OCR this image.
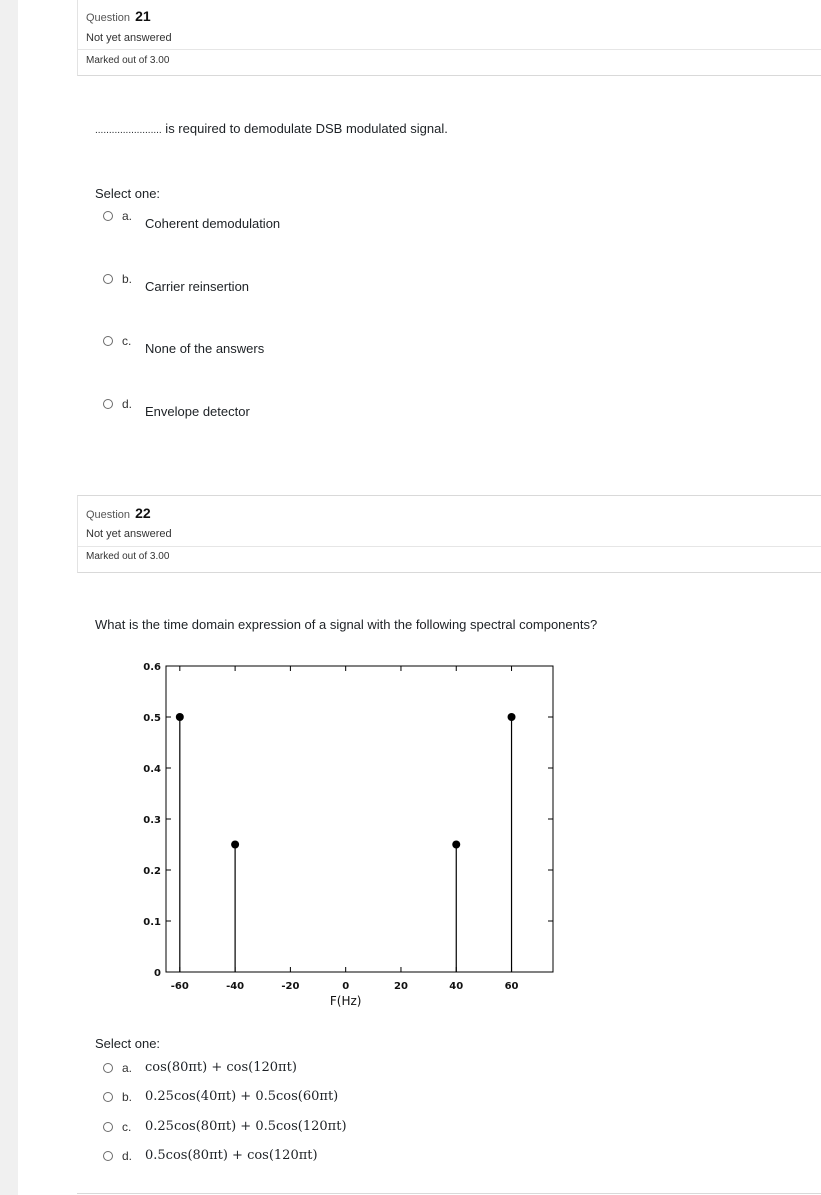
Question 21
Not yet answered
Marked out of 3.00
........................ is required to demodulate DSB modulated signal.
Select one:
a. Coherent demodulation
b. Carrier reinsertion
c. None of the answers
d. Envelope detector
Question 22
Not yet answered
Marked out of 3.00
What is the time domain expression of a signal with the following spectral components?
0
0.1
0.2
0.3
0.4
0.5
0.6
-60	-40	-20	0	20	40	60
F(Hz)
Select one:
a. cos(80πt) + cos(120πt)
b. 0.25cos(40πt) + 0.5cos(60πt)
c. 0.25cos(80πt) + 0.5cos(120πt)
d. 0.5cos(80πt) + cos(120πt)
